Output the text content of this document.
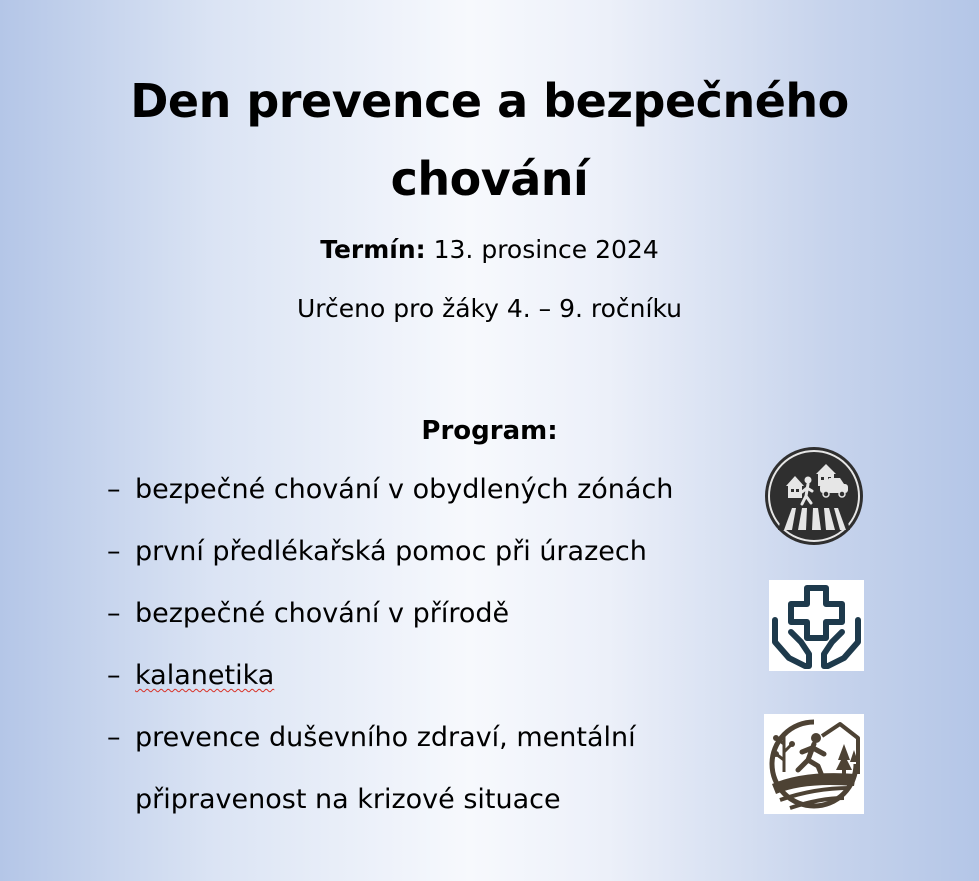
Den prevence a bezpečného
chování
Termín: 13. prosince 2024
Určeno pro žáky 4. – 9. ročníku
Program:
– bezpečné chování v obydlených zónách
– první předlékařská pomoc při úrazech
– bezpečné chování v přírodě
– kalanetika
– prevence duševního zdraví, mentální
připravenost na krizové situace
